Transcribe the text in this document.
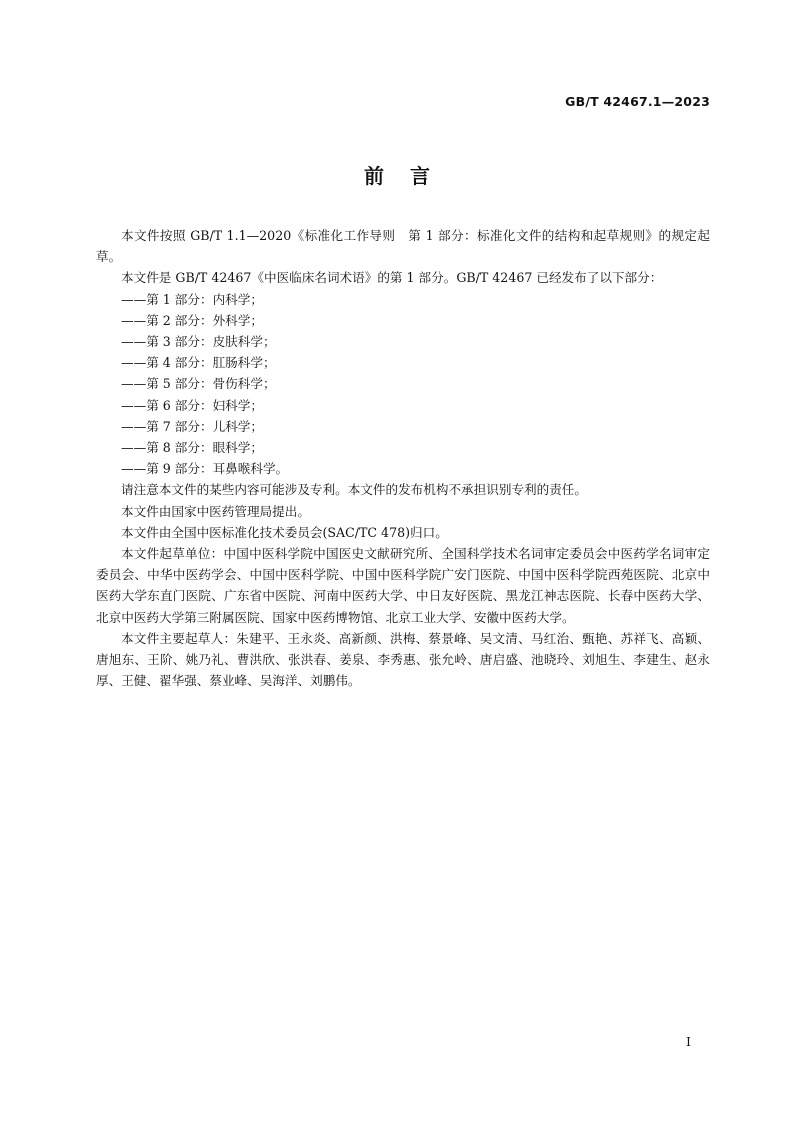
GB/T 42467.1—2023
前言

本文件按照 GB/T 1.1—2020《标准化工作导则　第 1 部分：标准化文件的结构和起草规则》的规定起草。

本文件是 GB/T 42467《中医临床名词术语》的第 1 部分。GB/T 42467 已经发布了以下部分：

——第 1 部分：内科学；

——第 2 部分：外科学；

——第 3 部分：皮肤科学；

——第 4 部分：肛肠科学；

——第 5 部分：骨伤科学；

——第 6 部分：妇科学；

——第 7 部分：儿科学；

——第 8 部分：眼科学；

——第 9 部分：耳鼻喉科学。

请注意本文件的某些内容可能涉及专利。本文件的发布机构不承担识别专利的责任。

本文件由国家中医药管理局提出。

本文件由全国中医标准化技术委员会(SAC/TC 478)归口。

本文件起草单位：中国中医科学院中国医史文献研究所、全国科学技术名词审定委员会中医药学名词审定委员会、中华中医药学会、中国中医科学院、中国中医科学院广安门医院、中国中医科学院西苑医院、北京中医药大学东直门医院、广东省中医院、河南中医药大学、中日友好医院、黑龙江神志医院、长春中医药大学、北京中医药大学第三附属医院、国家中医药博物馆、北京工业大学、安徽中医药大学。

本文件主要起草人：朱建平、王永炎、高新颜、洪梅、蔡景峰、吴文清、马红治、甄艳、苏祥飞、高颖、唐旭东、王阶、姚乃礼、曹洪欣、张洪春、姜泉、李秀惠、张允岭、唐启盛、池晓玲、刘旭生、李建生、赵永厚、王健、翟华强、蔡业峰、吴海洋、刘鹏伟。

I
